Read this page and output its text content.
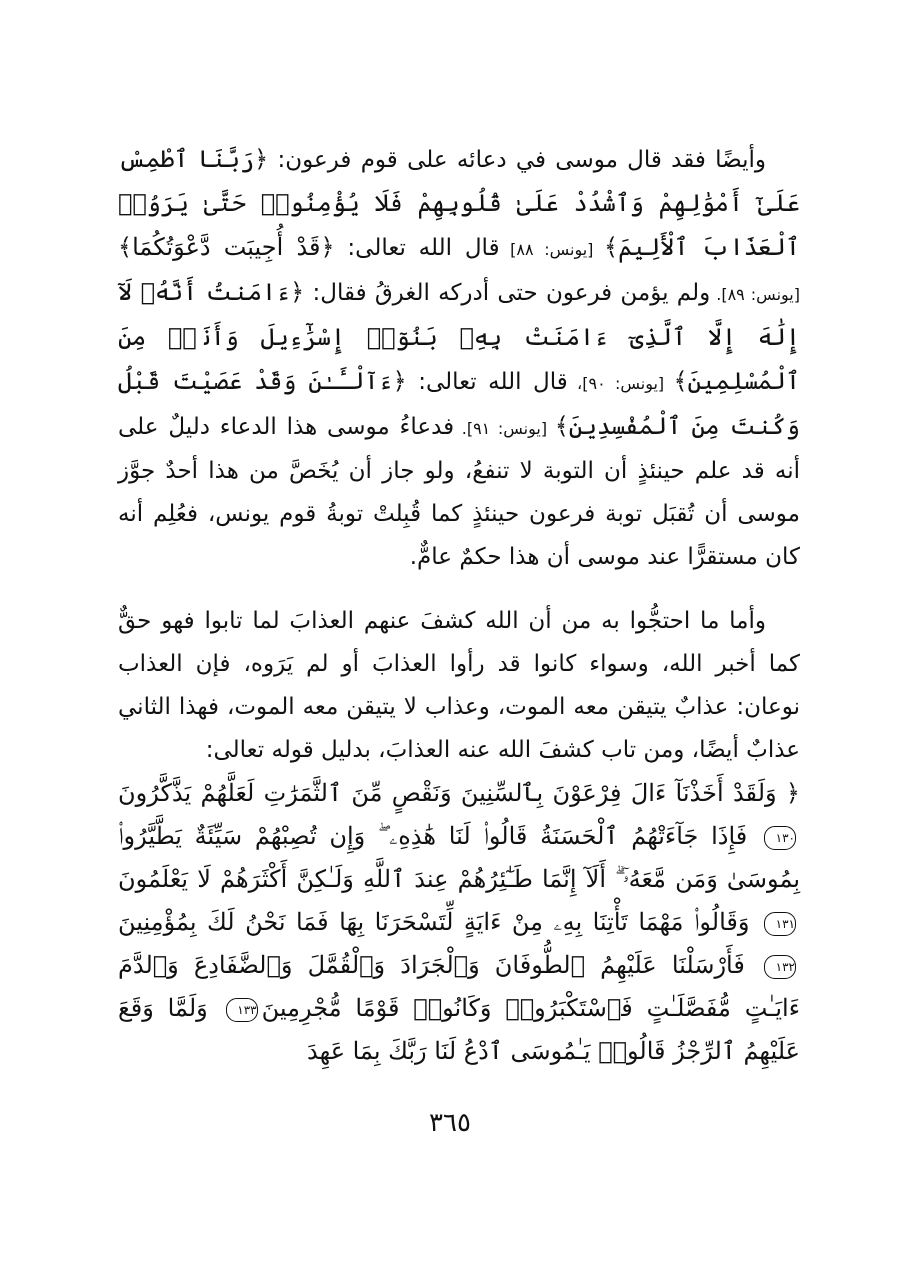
وأيضًا فقد قال موسى في دعائه على قوم فرعون: ﴿رَبَّنَا ٱطْمِسْ عَلَىٰٓ أَمْوَٰلِهِمْ وَٱشْدُدْ عَلَىٰ قُلُوبِهِمْ فَلَا يُؤْمِنُوا۟ حَتَّىٰ يَرَوُا۟ ٱلْعَذَابَ ٱلْأَلِيمَ﴾ [يونس: ٨٨] قال الله تعالى: ﴿قَدْ أُجِيبَت دَّعْوَتُكُمَا﴾ [يونس: ٨٩]. ولم يؤمن فرعون حتى أدركه الغرقُ فقال: ﴿ءَامَنتُ أَنَّهُۥ لَآ إِلَٰهَ إِلَّا ٱلَّذِىٓ ءَامَنَتْ بِهِۦ بَنُوٓا۟ إِسْرَٰٓءِيلَ وَأَنَا۠ مِنَ ٱلْمُسْلِمِينَ﴾ [يونس: ٩٠]، قال الله تعالى: ﴿ءَآلْـَٔـٰنَ وَقَدْ عَصَيْتَ قَبْلُ وَكُنتَ مِنَ ٱلْمُفْسِدِينَ﴾ [يونس: ٩١]. فدعاءُ موسى هذا الدعاء دليلٌ على أنه قد علم حينئذٍ أن التوبة لا تنفعُ، ولو جاز أن يُخَصَّ من هذا أحدٌ جوَّز موسى أن تُقبَل توبة فرعون حينئذٍ كما قُبِلتْ توبةُ قوم يونس، فعُلِم أنه كان مستقرًّا عند موسى أن هذا حكمٌ عامٌّ.

وأما ما احتجُّوا به من أن الله كشفَ عنهم العذابَ لما تابوا فهو حقٌّ كما أخبر الله، وسواء كانوا قد رأوا العذابَ أو لم يَرَوه، فإن العذاب نوعان: عذابٌ يتيقن معه الموت، وعذاب لا يتيقن معه الموت، فهذا الثاني عذابٌ أيضًا، ومن تاب كشفَ الله عنه العذابَ، بدليل قوله تعالى:

﴿ وَلَقَدْ أَخَذْنَآ ءَالَ فِرْعَوْنَ بِٱلسِّنِينَ وَنَقْصٍ مِّنَ ٱلثَّمَرَٰتِ لَعَلَّهُمْ يَذَّكَّرُونَ١٣٠ فَإِذَا جَآءَتْهُمُ ٱلْحَسَنَةُ قَالُوا۟ لَنَا هَٰذِهِۦ ۖ وَإِن تُصِبْهُمْ سَيِّئَةٌ يَطَّيَّرُوا۟ بِمُوسَىٰ وَمَن مَّعَهُۥٓ ۗ أَلَآ إِنَّمَا طَـٰٓئِرُهُمْ عِندَ ٱللَّهِ وَلَـٰكِنَّ أَكْثَرَهُمْ لَا يَعْلَمُونَ١٣١ وَقَالُوا۟ مَهْمَا تَأْتِنَا بِهِۦ مِنْ ءَايَةٍ لِّتَسْحَرَنَا بِهَا فَمَا نَحْنُ لَكَ بِمُؤْمِنِينَ١٣٢ فَأَرْسَلْنَا عَلَيْهِمُ ٱلطُّوفَانَ وَٱلْجَرَادَ وَٱلْقُمَّلَ وَٱلضَّفَادِعَ وَٱلدَّمَ ءَايَـٰتٍ مُّفَصَّلَـٰتٍ فَٱسْتَكْبَرُوا۟ وَكَانُوا۟ قَوْمًا مُّجْرِمِينَ١٣٣ وَلَمَّا وَقَعَ عَلَيْهِمُ ٱلرِّجْزُ قَالُوا۟ يَـٰمُوسَى ٱدْعُ لَنَا رَبَّكَ بِمَا عَهِدَ
٣٦٥
